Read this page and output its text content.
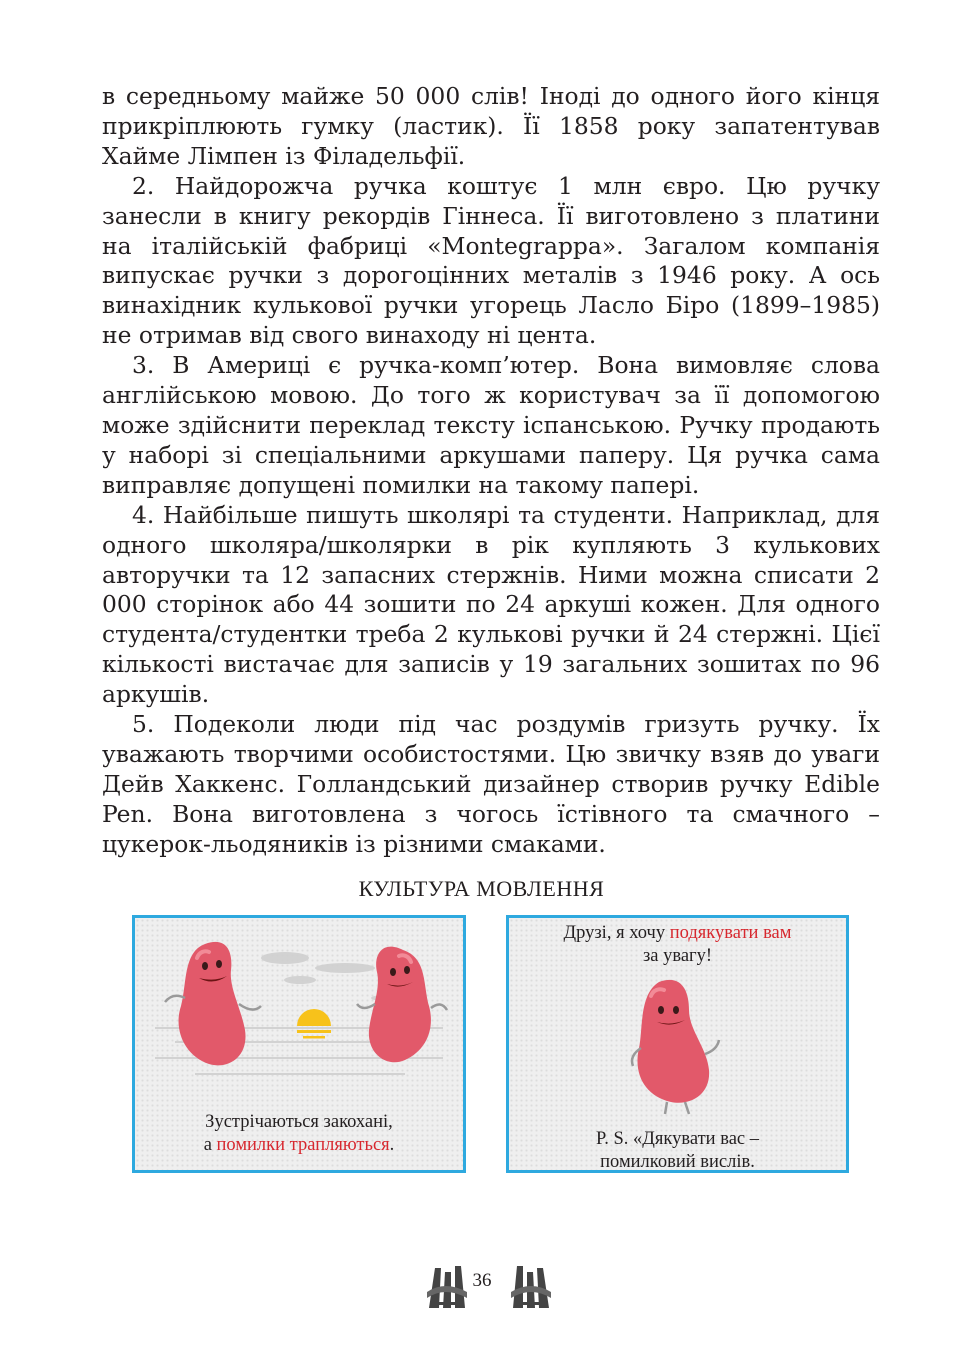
в середньому майже 50 000 слів! Іноді до одного його кінця прикріплюють гумку (ластик). Її 1858 року запатентував Хайме Лімпен із Філадельфії.

2. Найдорожча ручка коштує 1 млн євро. Цю ручку занесли в книгу рекордів Гіннеса. Її виготовлено з платини на італійській фабриці «Montegrappa». Загалом компанія випускає ручки з дорогоцінних металів з 1946 року. А ось винахідник кулькової ручки угорець Ласло Біро (1899–1985) не отримав від свого винаходу ні цента.

3. В Америці є ручка-комп’ютер. Вона вимовляє слова англійською мовою. До того ж користувач за її допомогою може здійснити переклад тексту іспанською. Ручку продають у наборі зі спеціальними аркушами паперу. Ця ручка сама виправляє допущені помилки на такому папері.

4. Найбільше пишуть школярі та студенти. Наприклад, для одного школяра/школярки в рік купляють 3 кулькових авторучки та 12 запасних стержнів. Ними можна списати 2 000 сторінок або 44 зошити по 24 аркуші кожен. Для одного студента/студентки треба 2 кулькові ручки й 24 стержні. Цієї кількості вистачає для записів у 19 загальних зошитах по 96 аркушів.

5. Подеколи люди під час роздумів гризуть ручку. Їх уважають творчими особистостями. Цю звичку взяв до уваги Дейв Хаккенс. Голландський дизайнер створив ручку Edible Pen. Вона виготовлена з чогось їстівного та смачного – цукерок-льодяників із різними смаками.

КУЛЬТУРА МОВЛЕННЯ
Зустрічаються закохані,
а помилки трапляються.
Друзі, я хочу подякувати вам
за увагу!
P. S. «Дякувати вас –
помилковий вислів.
36
